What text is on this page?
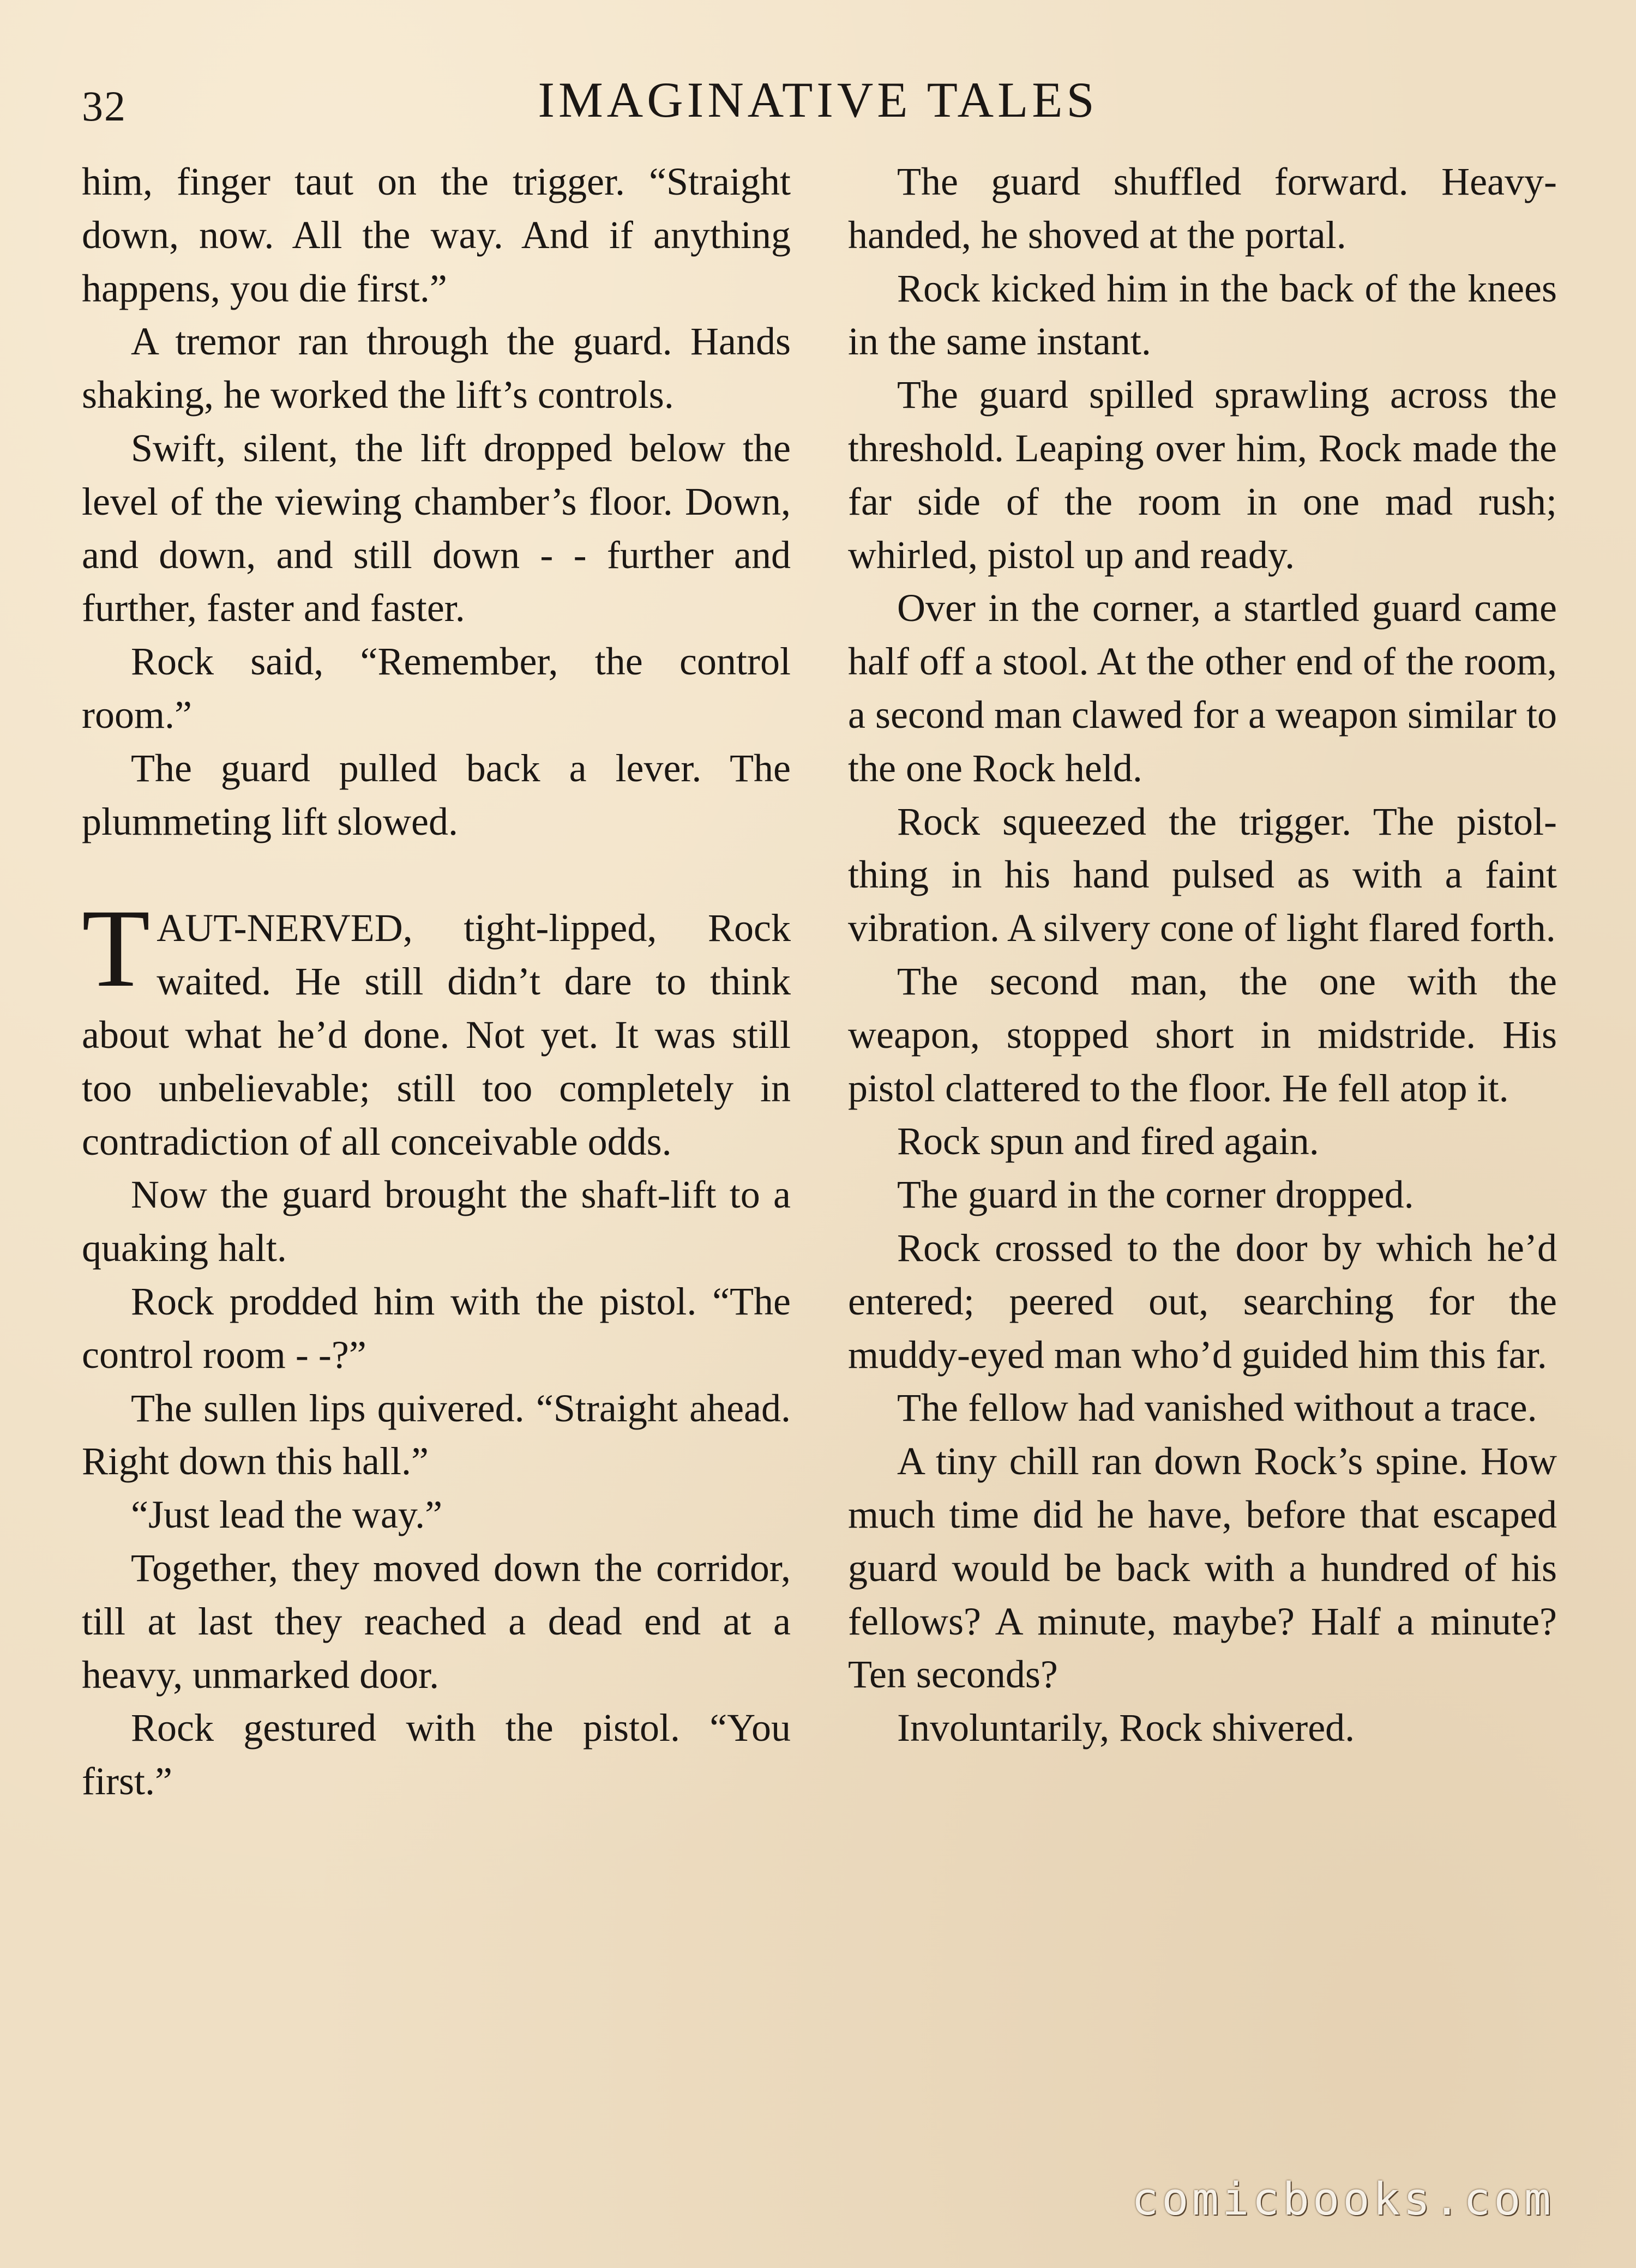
32	IMAGINATIVE TALES

him, finger taut on the trigger. “Straight down, now. All the way. And if anything happens, you die first.”

A tremor ran through the guard. Hands shaking, he worked the lift’s controls.

Swift, silent, the lift dropped below the level of the viewing chamber’s floor. Down, and down, and still down - - further and further, faster and faster.

Rock said, “Remember, the control room.”

The guard pulled back a lever. The plummeting lift slowed.

TAUT-NERVED, tight-lipped, Rock waited. He still didn’t dare to think about what he’d done. Not yet. It was still too unbelievable; still too completely in contradiction of all conceivable odds.

Now the guard brought the shaft-lift to a quaking halt.

Rock prodded him with the pistol. “The control room - -?”

The sullen lips quivered. “Straight ahead. Right down this hall.”

“Just lead the way.”

Together, they moved down the corridor, till at last they reached a dead end at a heavy, unmarked door.

Rock gestured with the pistol. “You first.”

The guard shuffled forward. Heavy-handed, he shoved at the portal.

Rock kicked him in the back of the knees in the same instant.

The guard spilled sprawling across the threshold. Leaping over him, Rock made the far side of the room in one mad rush; whirled, pistol up and ready.

Over in the corner, a startled guard came half off a stool. At the other end of the room, a second man clawed for a weapon similar to the one Rock held.

Rock squeezed the trigger. The pistol-thing in his hand pulsed as with a faint vibration. A silvery cone of light flared forth.

The second man, the one with the weapon, stopped short in midstride. His pistol clattered to the floor. He fell atop it.

Rock spun and fired again.

The guard in the corner dropped.

Rock crossed to the door by which he’d entered; peered out, searching for the muddy-eyed man who’d guided him this far.

The fellow had vanished without a trace.

A tiny chill ran down Rock’s spine. How much time did he have, before that escaped guard would be back with a hundred of his fellows? A minute, maybe? Half a minute? Ten seconds?

Involuntarily, Rock shivered.

comicbooks.com
